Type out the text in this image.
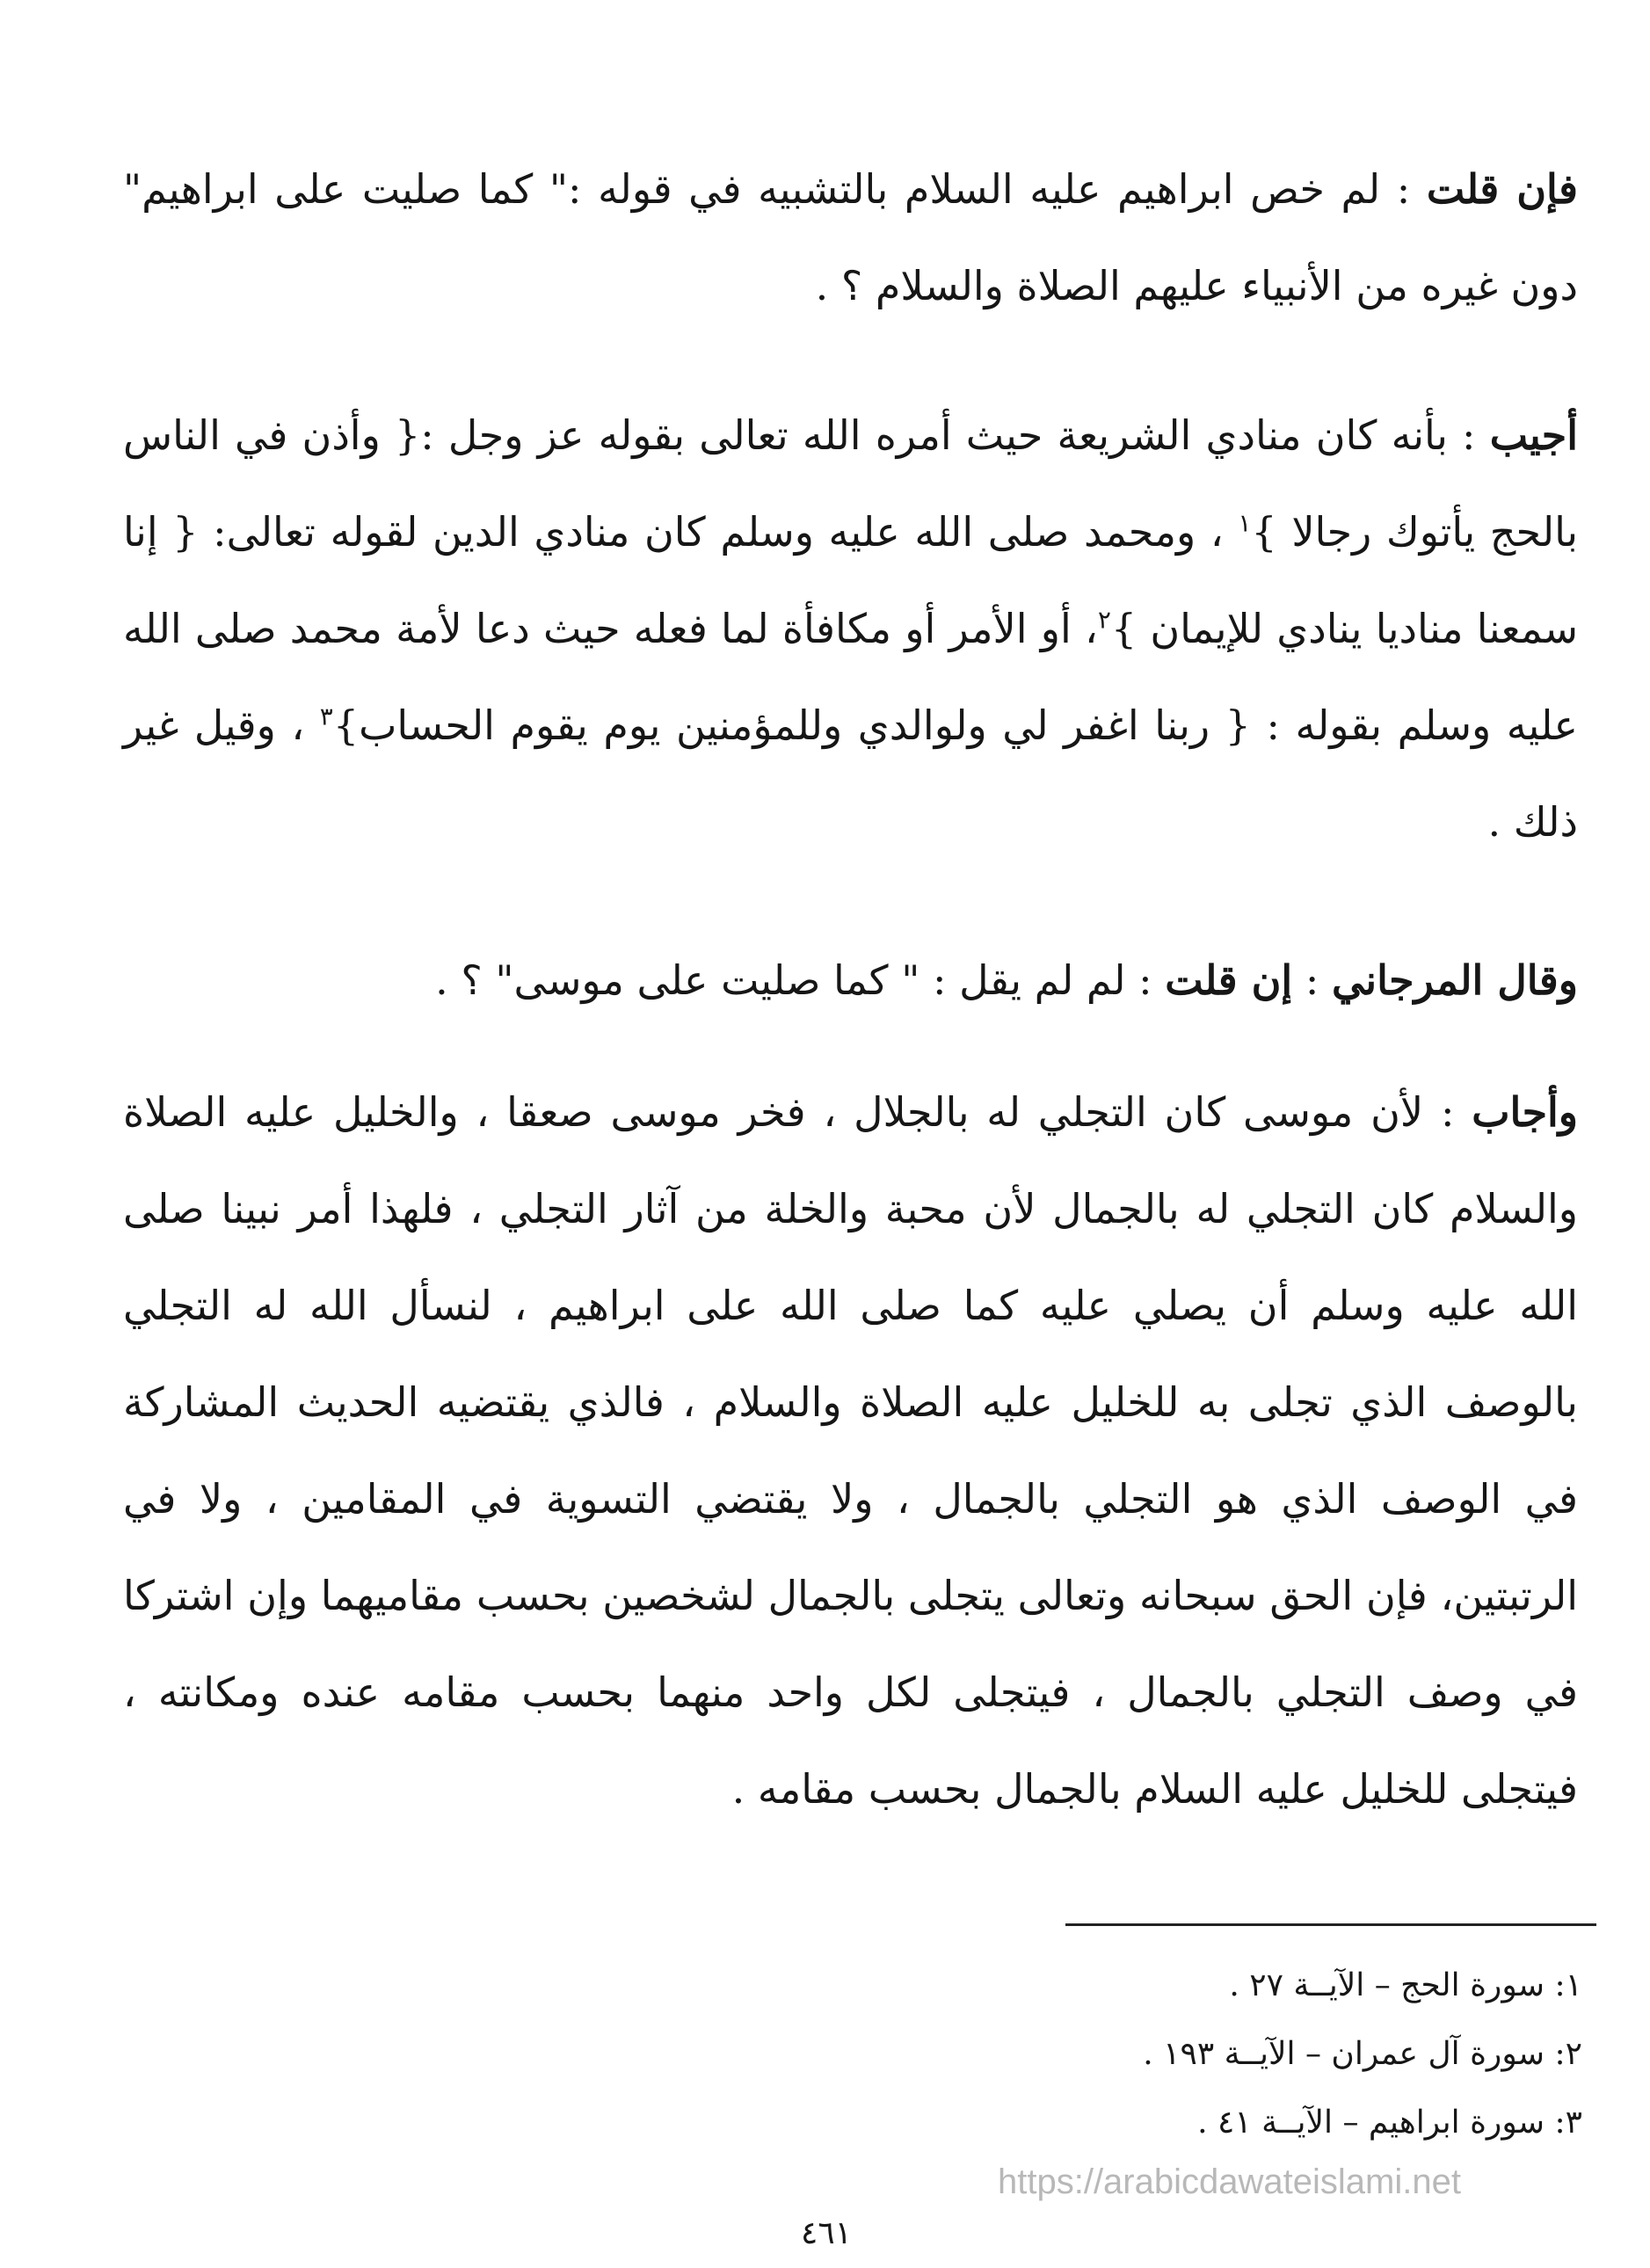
فإن قلت : لم خص ابراهيم عليه السلام بالتشبيه في قوله :" كما صليت على ابراهيم" دون غيره من الأنبياء عليهم الصلاة والسلام ؟ .

أجيب : بأنه كان منادي الشريعة حيث أمره الله تعالى بقوله عز وجل :{ وأذن في الناس بالحج يأتوك رجالا }$^١$ ، ومحمد صلى الله عليه وسلم كان منادي الدين لقوله تعالى: { إنا سمعنا مناديا ينادي للإيمان }$^٢$، أو الأمر أو مكافأة لما فعله حيث دعا لأمة محمد صلى الله عليه وسلم بقوله : { ربنا اغفر لي ولوالدي وللمؤمنين يوم يقوم الحساب}$^٣$ ، وقيل غير ذلك .

وقال المرجاني : إن قلت : لم لم يقل : " كما صليت على موسى" ؟ .

وأجاب : لأن موسى كان التجلي له بالجلال ، فخر موسى صعقا ، والخليل عليه الصلاة والسلام كان التجلي له بالجمال لأن محبة والخلة من آثار التجلي ، فلهذا أمر نبينا صلى الله عليه وسلم أن يصلي عليه كما صلى الله على ابراهيم ، لنسأل الله له التجلي بالوصف الذي تجلى به للخليل عليه الصلاة والسلام ، فالذي يقتضيه الحديث المشاركة في الوصف الذي هو التجلي بالجمال ، ولا يقتضي التسوية في المقامين ، ولا في الرتبتين، فإن الحق سبحانه وتعالى يتجلى بالجمال لشخصين بحسب مقاميهما وإن اشتركا في وصف التجلي بالجمال ، فيتجلى لكل واحد منهما بحسب مقامه عنده ومكانته ، فيتجلى للخليل عليه السلام بالجمال بحسب مقامه .

١: سورة الحج – الآيــة ٢٧ .

٢: سورة آل عمران – الآيــة ١٩٣ .

٣: سورة ابراهيم – الآيــة ٤١ .

https://arabicdawateislami.net
٤٦١
